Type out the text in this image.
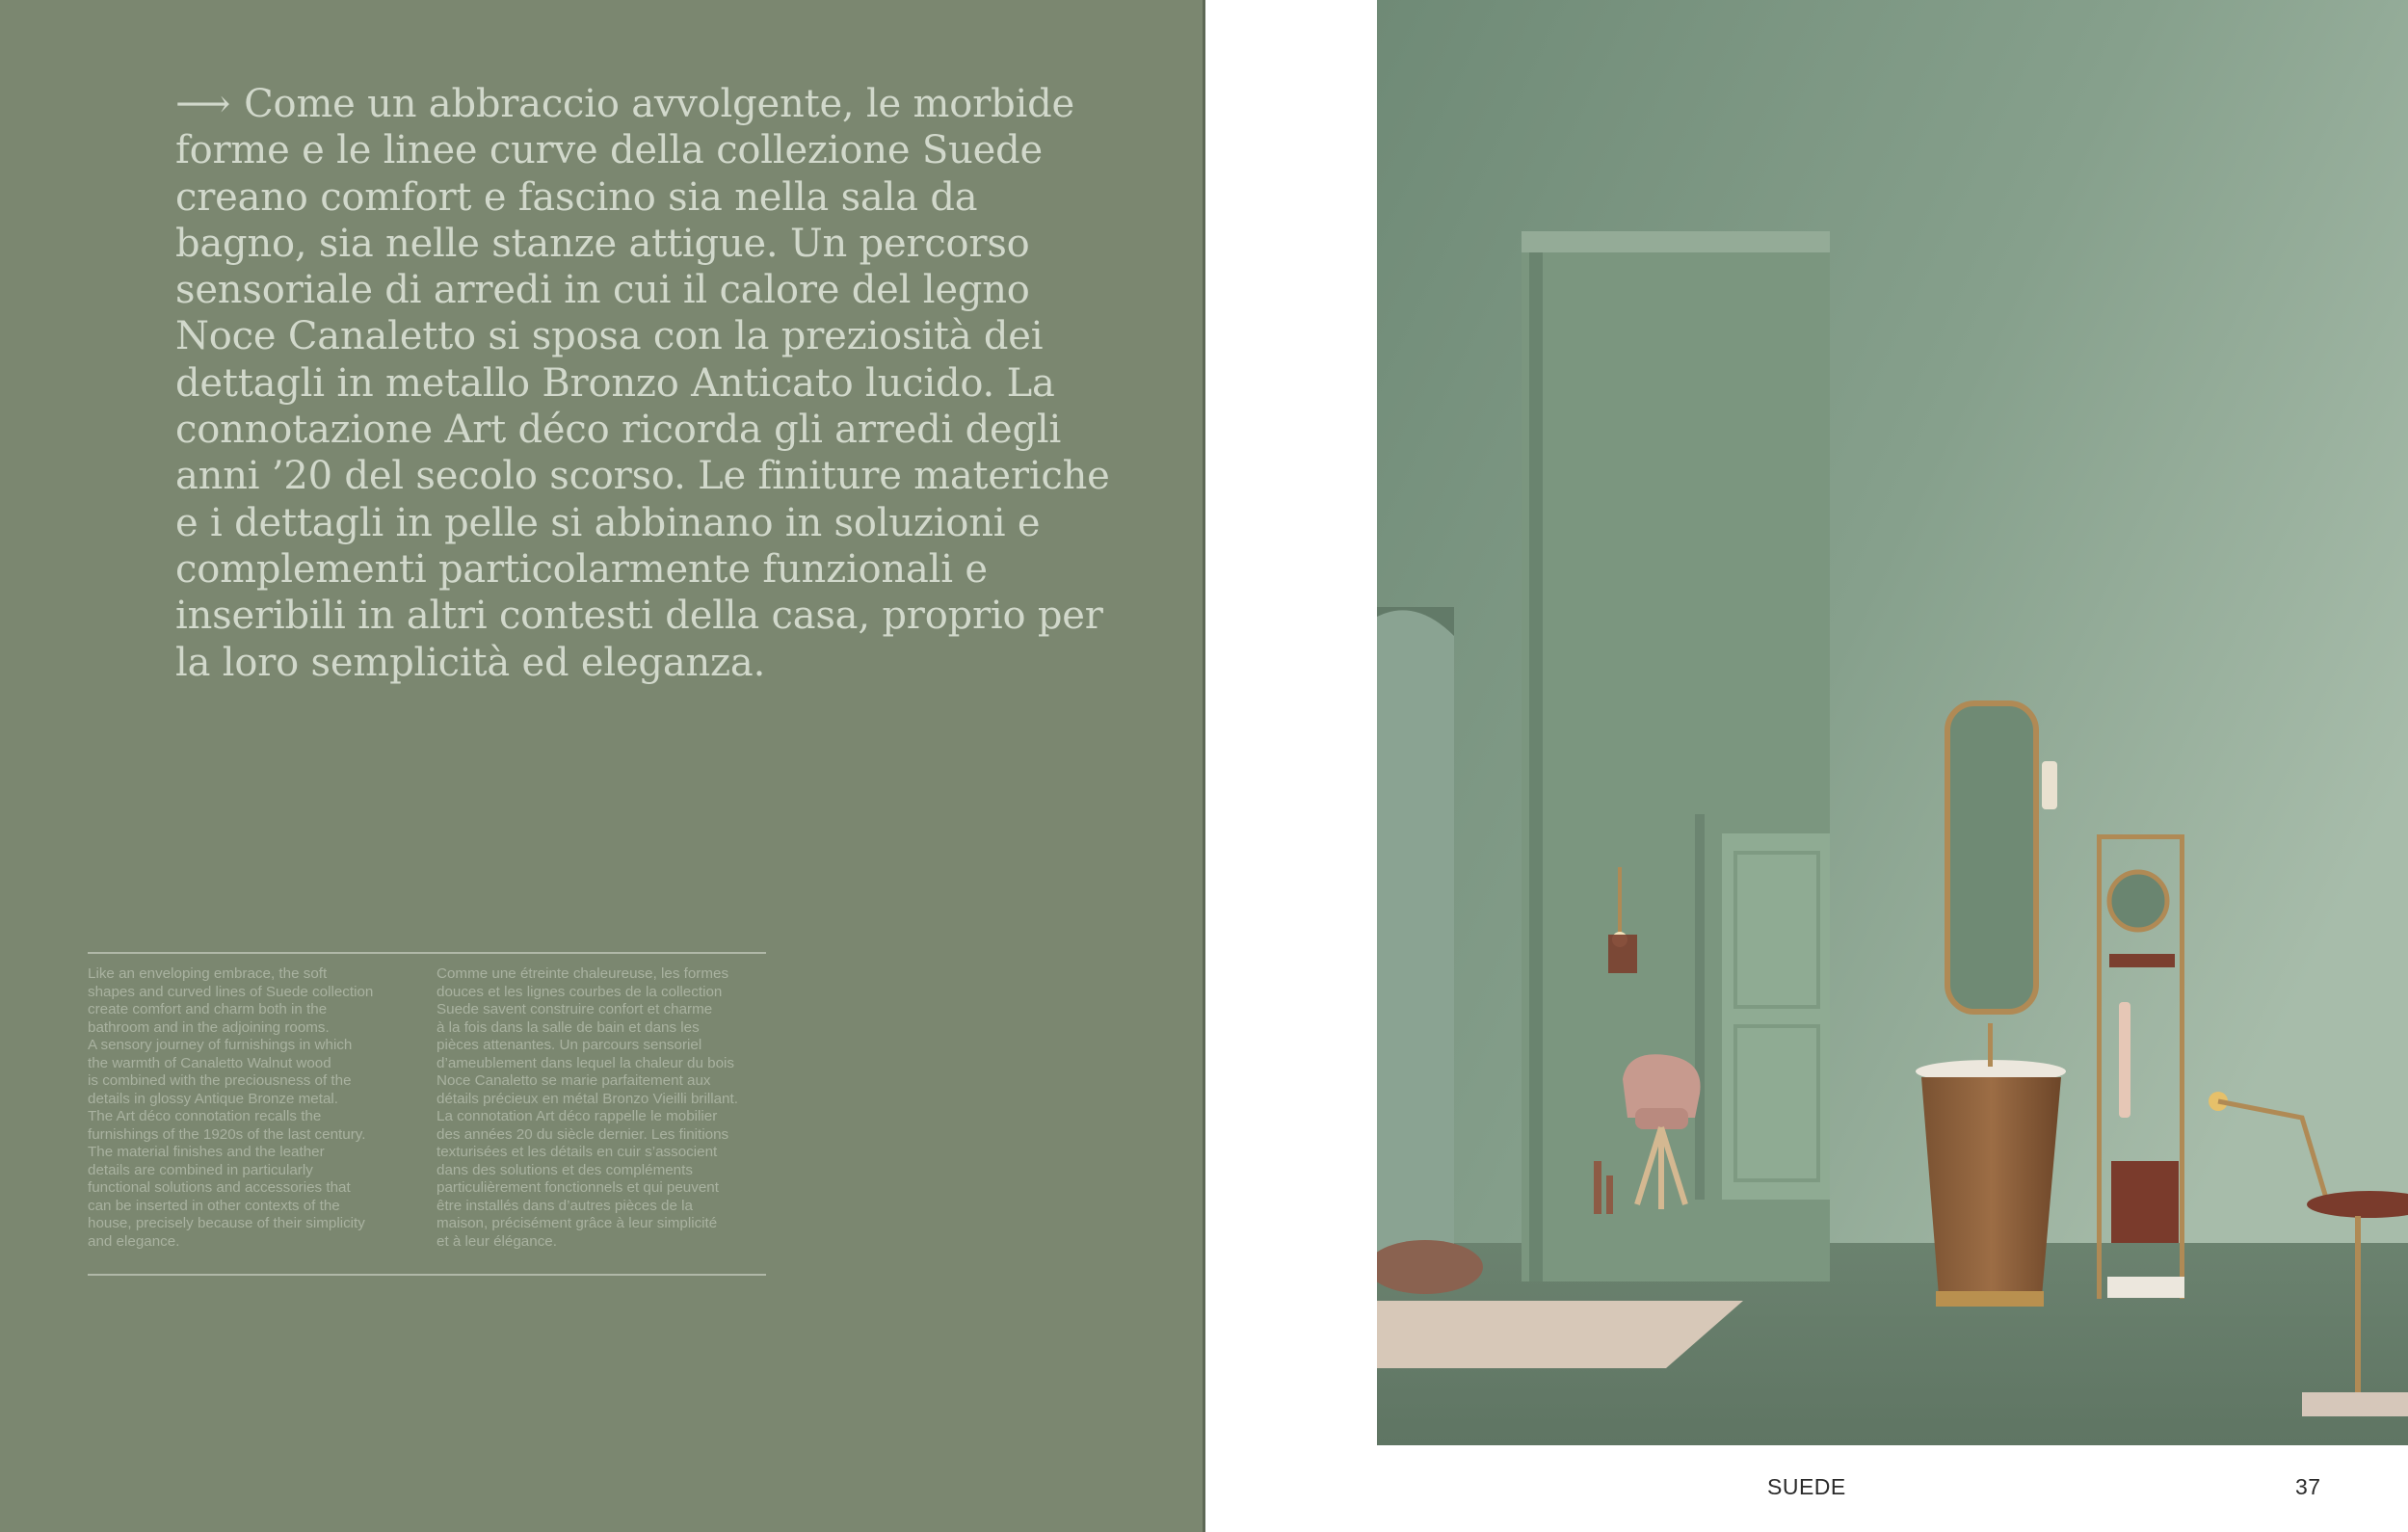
⟶ Come un abbraccio avvolgente, le morbide forme e le linee curve della collezione Suede creano comfort e fascino sia nella sala da bagno, sia nelle stanze attigue. Un percorso sensoriale di arredi in cui il calore del legno Noce Canaletto si sposa con la preziosità dei dettagli in metallo Bronzo Anticato lucido. La connotazione Art déco ricorda gli arredi degli anni ’20 del secolo scorso. Le finiture materiche e i dettagli in pelle si abbinano in soluzioni e complementi particolarmente funzionali e inseribili in altri contesti della casa, proprio per la loro semplicità ed eleganza.

Like an enveloping embrace, the soft
shapes and curved lines of Suede collection
create comfort and charm both in the
bathroom and in the adjoining rooms.
A sensory journey of furnishings in which
the warmth of Canaletto Walnut wood
is combined with the preciousness of the
details in glossy Antique Bronze metal.
The Art déco connotation recalls the
furnishings of the 1920s of the last century.
The material finishes and the leather
details are combined in particularly
functional solutions and accessories that
can be inserted in other contexts of the
house, precisely because of their simplicity
and elegance.

Comme une étreinte chaleureuse, les formes
douces et les lignes courbes de la collection
Suede savent construire confort et charme
à la fois dans la salle de bain et dans les
pièces attenantes. Un parcours sensoriel
d’ameublement dans lequel la chaleur du bois
Noce Canaletto se marie parfaitement aux
détails précieux en métal Bronzo Vieilli brillant.
La connotation Art déco rappelle le mobilier
des années 20 du siècle dernier. Les finitions
texturisées et les détails en cuir s’associent
dans des solutions et des compléments
particulièrement fonctionnels et qui peuvent
être installés dans d’autres pièces de la
maison, précisément grâce à leur simplicité
et à leur élégance.

SUEDE	37
